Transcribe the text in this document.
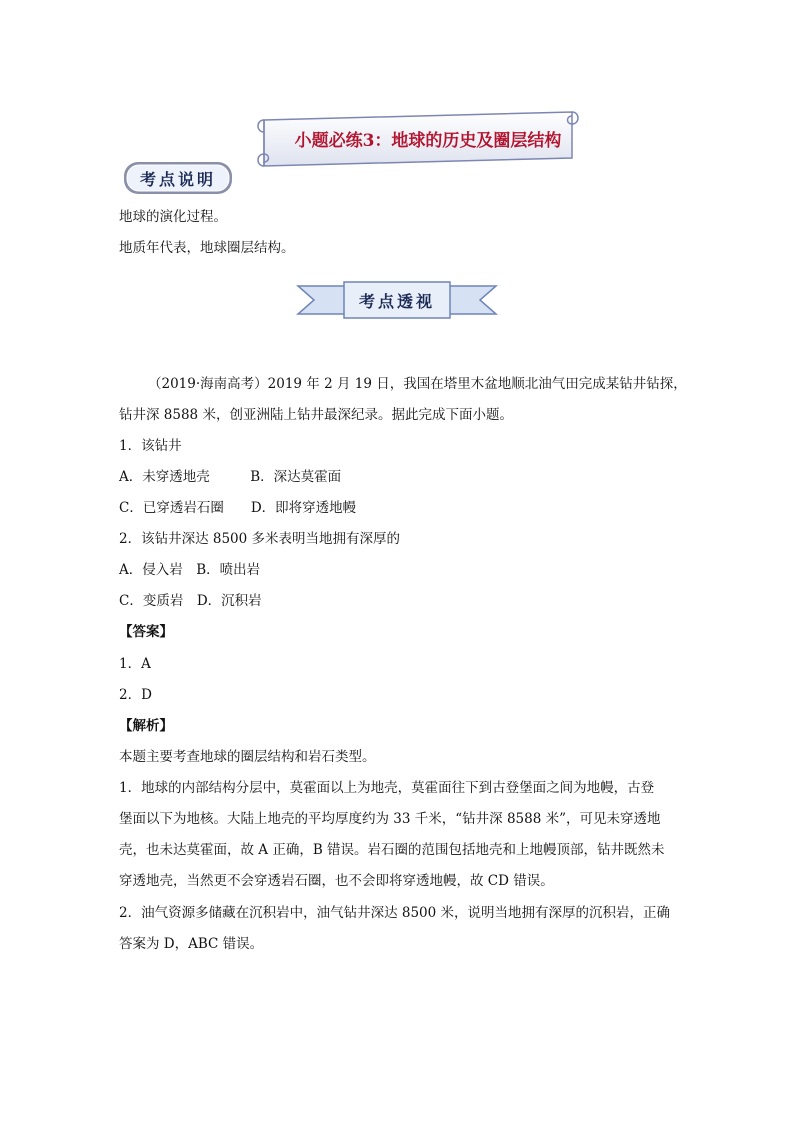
小题必练3：地球的历史及圈层结构
考点说明
地球的演化过程。
地质年代表，地球圈层结构。
考点透视
（2019·海南高考）2019 年 2 月 19 日，我国在塔里木盆地顺北油气田完成某钻井钻探，
钻井深 8588 米，创亚洲陆上钻井最深纪录。据此完成下面小题。
1．该钻井
A．未穿透地壳　　　B．深达莫霍面
C．已穿透岩石圈　　D．即将穿透地幔
2．该钻井深达 8500 多米表明当地拥有深厚的
A．侵入岩　B．喷出岩
C．变质岩　D．沉积岩
【答案】
1．A
2．D
【解析】
本题主要考查地球的圈层结构和岩石类型。
1．地球的内部结构分层中，莫霍面以上为地壳，莫霍面往下到古登堡面之间为地幔，古登
堡面以下为地核。大陆上地壳的平均厚度约为 33 千米，“钻井深 8588 米”，可见未穿透地
壳，也未达莫霍面，故 A 正确，B 错误。岩石圈的范围包括地壳和上地幔顶部，钻井既然未
穿透地壳，当然更不会穿透岩石圈，也不会即将穿透地幔，故 CD 错误。
2．油气资源多储藏在沉积岩中，油气钻井深达 8500 米，说明当地拥有深厚的沉积岩，正确
答案为 D，ABC 错误。
